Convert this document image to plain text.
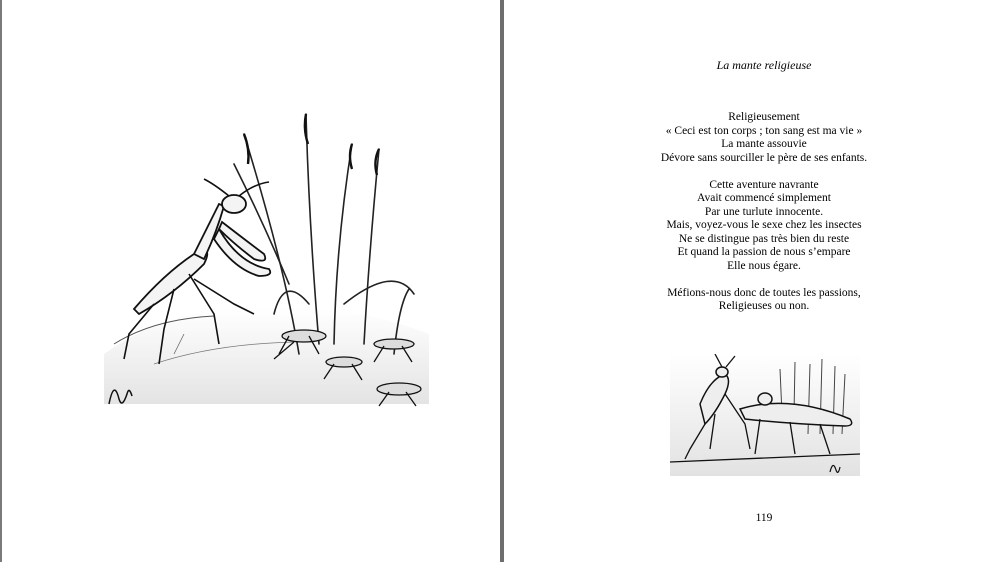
La mante religieuse
Religieusement
« Ceci est ton corps ; ton sang est ma vie »
La mante assouvie
Dévore sans sourciller le père de ses enfants.
Cette aventure navrante
Avait commencé simplement
Par une turlute innocente.
Mais, voyez-vous le sexe chez les insectes
Ne se distingue pas très bien du reste
Et quand la passion de nous s’empare
Elle nous égare.
Méfions-nous donc de toutes les passions,
Religieuses ou non.
119
